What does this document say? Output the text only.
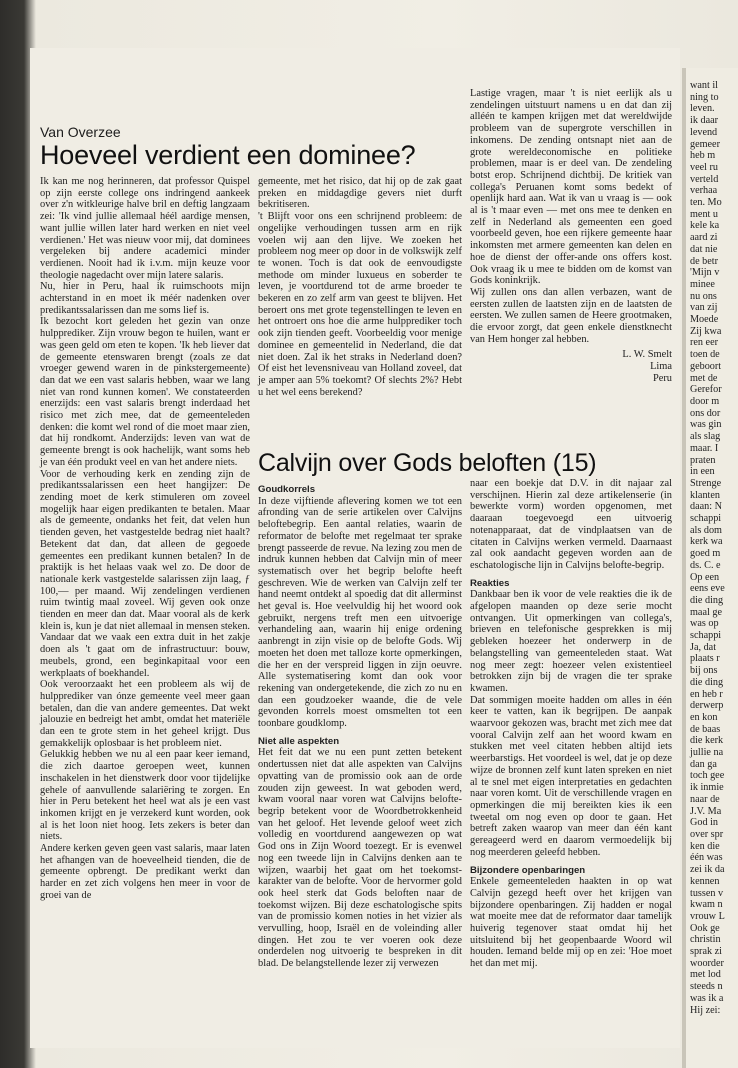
Van Overzee
Hoeveel verdient een dominee?

Ik kan me nog herinneren, dat professor Quispel op zijn eerste college ons indringend aankeek over z'n witkleurige halve bril en deftig langzaam zei: 'Ik vind jullie allemaal héél aardige mensen, want jullie willen later hard werken en niet veel verdienen.' Het was nieuw voor mij, dat dominees vergeleken bij andere academici minder verdienen. Nooit had ik i.v.m. mijn keuze voor theologie nagedacht over mijn latere salaris.

Nu, hier in Peru, haal ik ruimschoots mijn achterstand in en moet ik méér nadenken over predikantssalarissen dan me soms lief is.

Ik bezocht kort geleden het gezin van onze hulpprediker. Zijn vrouw begon te huilen, want er was geen geld om eten te kopen. 'Ik heb liever dat de gemeente etenswaren brengt (zoals ze dat vroeger gewend waren in de pinkstergemeente) dan dat we een vast salaris hebben, waar we lang niet van rond kunnen komen'. We constateerden enerzijds: een vast salaris brengt inderdaad het risico met zich mee, dat de gemeenteleden denken: die komt wel rond of die moet maar zien, dat hij rondkomt. Anderzijds: leven van wat de gemeente brengt is ook hachelijk, want soms heb je van één produkt veel en van het andere niets.

Voor de verhouding kerk en zending zijn de predikantssalarissen een heet hangijzer: De zending moet de kerk stimuleren om zoveel mogelijk haar eigen predikanten te betalen. Maar als de gemeente, ondanks het feit, dat velen hun tienden geven, het vastgestelde bedrag niet haalt? Betekent dat dan, dat alleen de gegoede gemeentes een predikant kunnen betalen? In de praktijk is het helaas vaak wel zo. De door de nationale kerk vastgestelde salarissen zijn laag, ƒ 100,— per maand. Wij zendelingen verdienen ruim twintig maal zoveel. Wij geven ook onze tienden en meer dan dat. Maar vooral als de kerk klein is, kun je dat niet allemaal in mensen steken. Vandaar dat we vaak een extra duit in het zakje doen als 't gaat om de infrastructuur: bouw, meubels, grond, een beginkapitaal voor een werkplaats of boekhandel.

Ook veroorzaakt het een probleem als wij de hulpprediker van ónze gemeente veel meer gaan betalen, dan die van andere gemeentes. Dat wekt jalouzie en bedreigt het ambt, omdat het materiële dan een te grote stem in het geheel krijgt. Dus gemakkelijk oplosbaar is het probleem niet.

Gelukkig hebben we nu al een paar keer iemand, die zich daartoe geroepen weet, kunnen inschakelen in het dienstwerk door voor tijdelijke gehele of aanvullende salariëring te zorgen. En hier in Peru betekent het heel wat als je een vast inkomen krijgt en je verzekerd kunt worden, ook al is het loon niet hoog. Iets zekers is beter dan niets.

Andere kerken geven geen vast salaris, maar laten het afhangen van de hoeveelheid tienden, die de gemeente opbrengt. De predikant werkt dan harder en zet zich volgens hen meer in voor de groei van de

gemeente, met het risico, dat hij op de zak gaat preken en middagdige gevers niet durft bekritiseren.

't Blijft voor ons een schrijnend probleem: de ongelijke verhoudingen tussen arm en rijk voelen wij aan den lijve. We zoeken het probleem nog meer op door in de volkswijk zelf te wonen. Toch is dat ook de eenvoudigste methode om minder luxueus en soberder te leven, je voortdurend tot de arme broeder te bekeren en zo zelf arm van geest te blijven. Het beroert ons met grote tegenstellingen te leven en het ontroert ons hoe die arme hulpprediker toch ook zijn tienden geeft. Voorbeeldig voor menige dominee en gemeentelid in Nederland, die dat niet doen. Zal ik het straks in Nederland doen? Of eist het levensniveau van Holland zoveel, dat je amper aan 5% toekomt? Of slechts 2%? Hebt u het wel eens berekend?

Lastige vragen, maar 't is niet eerlijk als u zendelingen uitstuurt namens u en dat dan zij alléén te kampen krijgen met dat wereldwijde probleem van de supergrote verschillen in inkomens. De zending ontsnapt niet aan de grote wereldeconomische en politieke problemen, maar is er deel van. De zendeling botst erop. Schrijnend dichtbij. De kritiek van collega's Peruanen komt soms bedekt of openlijk hard aan. Wat ik van u vraag is — ook al is 't maar even — met ons mee te denken en zelf in Nederland als gemeenten een goed voorbeeld geven, hoe een rijkere gemeente haar inkomsten met armere gemeenten kan delen en hoe de dienst der offer-ande ons offers kost. Ook vraag ik u mee te bidden om de komst van Gods koninkrijk.

Wij zullen ons dan allen verbazen, want de eersten zullen de laatsten zijn en de laatsten de eersten. We zullen samen de Heere grootmaken, die ervoor zorgt, dat geen enkele dienstknecht van Hem honger zal hebben.

L. W. Smelt

Lima

Peru

Calvijn over Gods beloften (15)

Goudkorrels

In deze vijftiende aflevering komen we tot een afronding van de serie artikelen over Calvijns beloftebegrip. Een aantal relaties, waarin de reformator de belofte met regelmaat ter sprake brengt passeerde de revue. Na lezing zou men de indruk kunnen hebben dat Calvijn min of meer systematisch over het begrip belofte heeft geschreven. Wie de werken van Calvijn zelf ter hand neemt ontdekt al spoedig dat dit allerminst het geval is. Hoe veelvuldig hij het woord ook gebruikt, nergens treft men een uitvoerige verhandeling aan, waarin hij enige ordening aanbrengt in zijn visie op de belofte Gods. Wij moeten het doen met talloze korte opmerkingen, die her en der verspreid liggen in zijn oeuvre. Alle systematisering komt dan ook voor rekening van ondergetekende, die zich zo nu en dan een goudzoeker waande, die de vele gevonden korrels moest omsmelten tot een toonbare goudklomp.

Niet alle aspekten

Het feit dat we nu een punt zetten betekent ondertussen niet dat alle aspekten van Calvijns opvatting van de promissio ook aan de orde zouden zijn geweest. In wat geboden werd, kwam vooral naar voren wat Calvijns belofte-begrip betekent voor de Woordbetrokkenheid van het geloof. Het levende geloof weet zich volledig en voortdurend aangewezen op wat God ons in Zijn Woord toezegt. Er is evenwel nog een tweede lijn in Calvijns denken aan te wijzen, waarbij het gaat om het toekomst-karakter van de belofte. Voor de hervormer gold ook heel sterk dat Gods beloften naar de toekomst wijzen. Bij deze eschatologische spits van de promissio komen noties in het vizier als vervulling, hoop, Israël en de voleinding aller dingen. Het zou te ver voeren ook deze onderdelen nog uitvoerig te bespreken in dit blad. De belangstellende lezer zij verwezen

naar een boekje dat D.V. in dit najaar zal verschijnen. Hierin zal deze artikelenserie (in bewerkte vorm) worden opgenomen, met daaraan toegevoegd een uitvoerig notenapparaat, dat de vindplaatsen van de citaten in Calvijns werken vermeld. Daarnaast zal ook aandacht gegeven worden aan de eschatologische lijn in Calvijns belofte-begrip.

Reakties

Dankbaar ben ik voor de vele reakties die ik de afgelopen maanden op deze serie mocht ontvangen. Uit opmerkingen van collega's, brieven en telefonische gesprekken is mij gebleken hoezeer het onderwerp in de belangstelling van gemeenteleden staat. Wat nog meer zegt: hoezeer velen existentieel betrokken zijn bij de vragen die ter sprake kwamen.

Dat sommigen moeite hadden om alles in één keer te vatten, kan ik begrijpen. De aanpak waarvoor gekozen was, bracht met zich mee dat vooral Calvijn zelf aan het woord kwam en stukken met veel citaten hebben altijd iets weerbarstigs. Het voordeel is wel, dat je op deze wijze de bronnen zelf kunt laten spreken en niet al te snel met eigen interpretaties en gedachten naar voren komt. Uit de verschillende vragen en opmerkingen die mij bereikten kies ik een tweetal om nog even op door te gaan. Het betreft zaken waarop van meer dan één kant gereageerd werd en daarom vermoedelijk bij nog meerderen geleefd hebben.

Bijzondere openbaringen

Enkele gemeenteleden haakten in op wat Calvijn gezegd heeft over het krijgen van bijzondere openbaringen. Zij hadden er nogal wat moeite mee dat de reformator daar tamelijk huiverig tegenover staat omdat hij het uitsluitend bij het geopenbaarde Woord wil houden. Iemand belde mij op en zei: 'Hoe moet het dan met mij.

want il
ning to
leven.
ik daar
levend
gemeer
heb m
veel ru
verteld
verhaa
ten. Mo
ment u
kele ka
aard zi
dat nie
de betr
'Mijn v
minee
nu ons
van zij
Moede
Zij kwa
ren eer
toen de
geboort
met de
Gerefor
door m
ons dor
was gin
als slag
maar. I
praten
in een
Strenge
klanten
daan: N
schappi
als dom
kerk wa
goed m
ds. C. e
Op een
eens eve
die ding
maal ge
was op
schappi
Ja, dat
plaats r
bij ons
die ding
en heb r
derwerp
en kon
de baas
die kerk
jullie na
dan ga
toch gee
ik inmie
naar de
J.V. Ma
God in
over spr
ken die
één was
zei ik da
kennen
tussen v
kwam n
vrouw L
Ook ge
christin
sprak zi
woorder
met lod
steeds n
was ik a
Hij zei:
